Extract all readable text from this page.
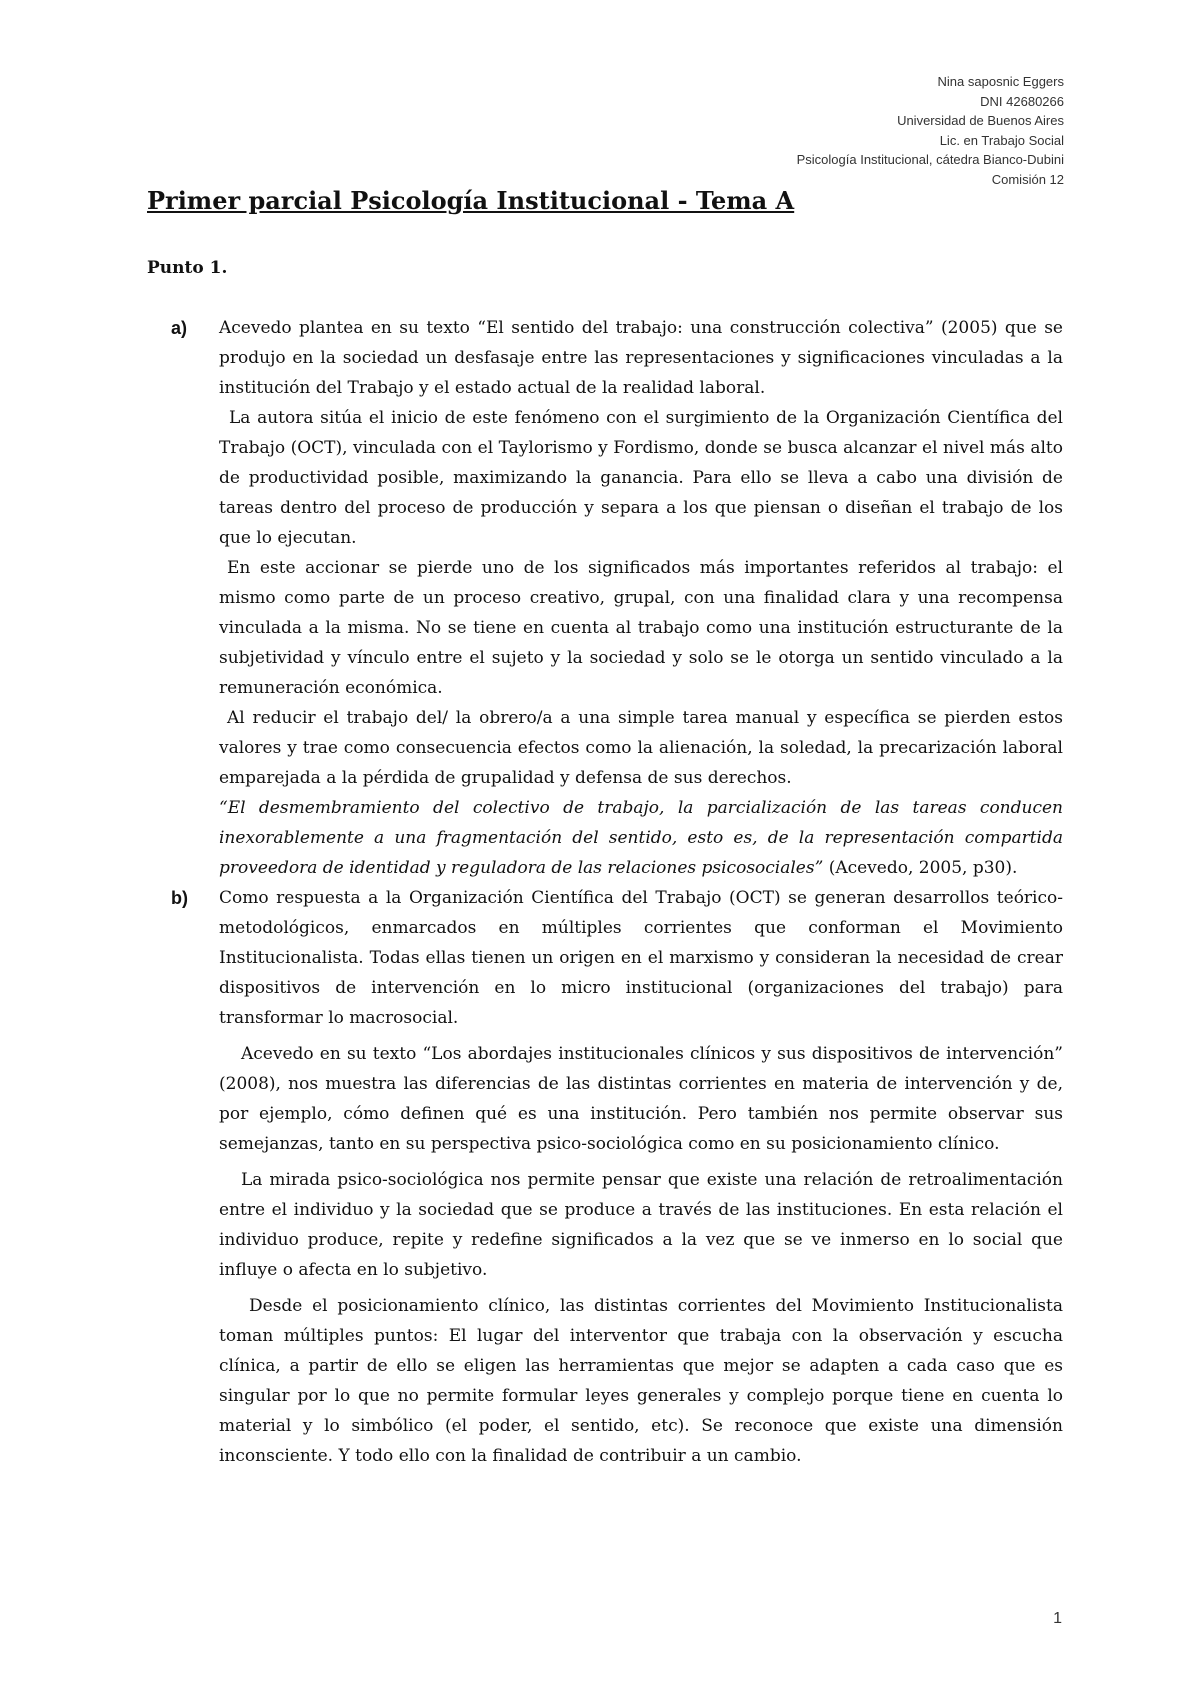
Nina saposnic Eggers
DNI 42680266
Universidad de Buenos Aires
Lic. en Trabajo Social
Psicología Institucional, cátedra Bianco-Dubini
Comisión 12
Primer parcial Psicología Institucional - Tema A

Punto 1.

a) Acevedo plantea en su texto “El sentido del trabajo: una construcción colectiva” (2005) que se produjo en la sociedad un desfasaje entre las representaciones y significaciones vinculadas a la institución del Trabajo y el estado actual de la realidad laboral.

La autora sitúa el inicio de este fenómeno con el surgimiento de la Organización Científica del Trabajo (OCT), vinculada con el Taylorismo y Fordismo, donde se busca alcanzar el nivel más alto de productividad posible, maximizando la ganancia. Para ello se lleva a cabo una división de tareas dentro del proceso de producción y separa a los que piensan o diseñan el trabajo de los que lo ejecutan.

En este accionar se pierde uno de los significados más importantes referidos al trabajo: el mismo como parte de un proceso creativo, grupal, con una finalidad clara y una recompensa vinculada a la misma. No se tiene en cuenta al trabajo como una institución estructurante de la subjetividad y vínculo entre el sujeto y la sociedad y solo se le otorga un sentido vinculado a la remuneración económica.

Al reducir el trabajo del/ la obrero/a a una simple tarea manual y específica se pierden estos valores y trae como consecuencia efectos como la alienación, la soledad, la precarización laboral emparejada a la pérdida de grupalidad y defensa de sus derechos.

“El desmembramiento del colectivo de trabajo, la parcialización de las tareas conducen inexorablemente a una fragmentación del sentido, esto es, de la representación compartida proveedora de identidad y reguladora de las relaciones psicosociales” (Acevedo, 2005, p30).

b) Como respuesta a la Organización Científica del Trabajo (OCT) se generan desarrollos teórico-metodológicos, enmarcados en múltiples corrientes que conforman el Movimiento Institucionalista. Todas ellas tienen un origen en el marxismo y consideran la necesidad de crear dispositivos de intervención en lo micro institucional (organizaciones del trabajo) para transformar lo macrosocial.

Acevedo en su texto “Los abordajes institucionales clínicos y sus dispositivos de intervención” (2008), nos muestra las diferencias de las distintas corrientes en materia de intervención y de, por ejemplo, cómo definen qué es una institución. Pero también nos permite observar sus semejanzas, tanto en su perspectiva psico-sociológica como en su posicionamiento clínico.

La mirada psico-sociológica nos permite pensar que existe una relación de retroalimentación entre el individuo y la sociedad que se produce a través de las instituciones. En esta relación el individuo produce, repite y redefine significados a la vez que se ve inmerso en lo social que influye o afecta en lo subjetivo.

Desde el posicionamiento clínico, las distintas corrientes del Movimiento Institucionalista toman múltiples puntos: El lugar del interventor que trabaja con la observación y escucha clínica, a partir de ello se eligen las herramientas que mejor se adapten a cada caso que es singular por lo que no permite formular leyes generales y complejo porque tiene en cuenta lo material y lo simbólico (el poder, el sentido, etc). Se reconoce que existe una dimensión inconsciente. Y todo ello con la finalidad de contribuir a un cambio.

1
